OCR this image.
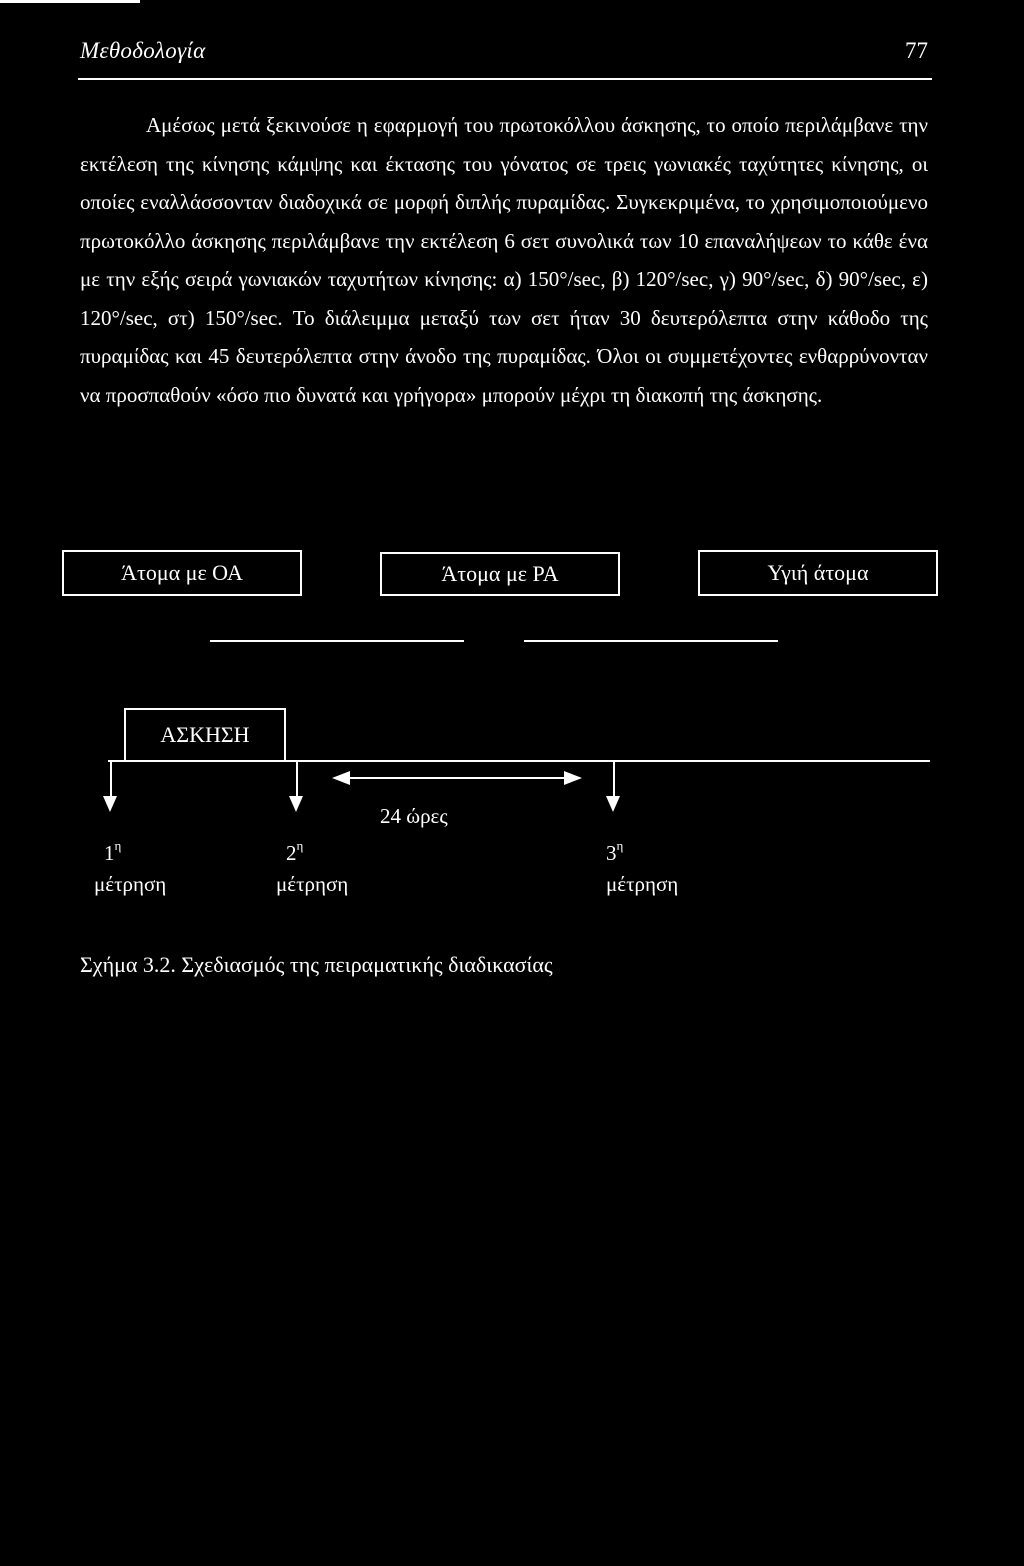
Μεθοδολογία	77

Αμέσως μετά ξεκινούσε η εφαρμογή του πρωτοκόλλου άσκησης, το οποίο περιλάμβανε την εκτέλεση της κίνησης κάμψης και έκτασης του γόνατος σε τρεις γωνιακές ταχύτητες κίνησης, οι οποίες εναλλάσσονταν διαδοχικά σε μορφή διπλής πυραμίδας. Συγκεκριμένα, το χρησιμοποιούμενο πρωτοκόλλο άσκησης περιλάμβανε την εκτέλεση 6 σετ συνολικά των 10 επαναλήψεων το κάθε ένα με την εξής σειρά γωνιακών ταχυτήτων κίνησης: α) 150°/sec, β) 120°/sec, γ) 90°/sec, δ) 90°/sec, ε) 120°/sec, στ) 150°/sec. Το διάλειμμα μεταξύ των σετ ήταν 30 δευτερόλεπτα στην κάθοδο της πυραμίδας και 45 δευτερόλεπτα στην άνοδο της πυραμίδας. Όλοι οι συμμετέχοντες ενθαρρύνονταν να προσπαθούν «όσο πιο δυνατά και γρήγορα» μπορούν μέχρι τη διακοπή της άσκησης.

Άτομα με ΟΑ	Άτομα με ΡΑ	Υγιή άτομα
ΑΣΚΗΣΗ
24 ώρες
$1^\eta$	$2^\eta$	$3^\eta$
μέτρηση	μέτρηση	μέτρηση
Σχήμα 3.2. Σχεδιασμός της πειραματικής διαδικασίας
